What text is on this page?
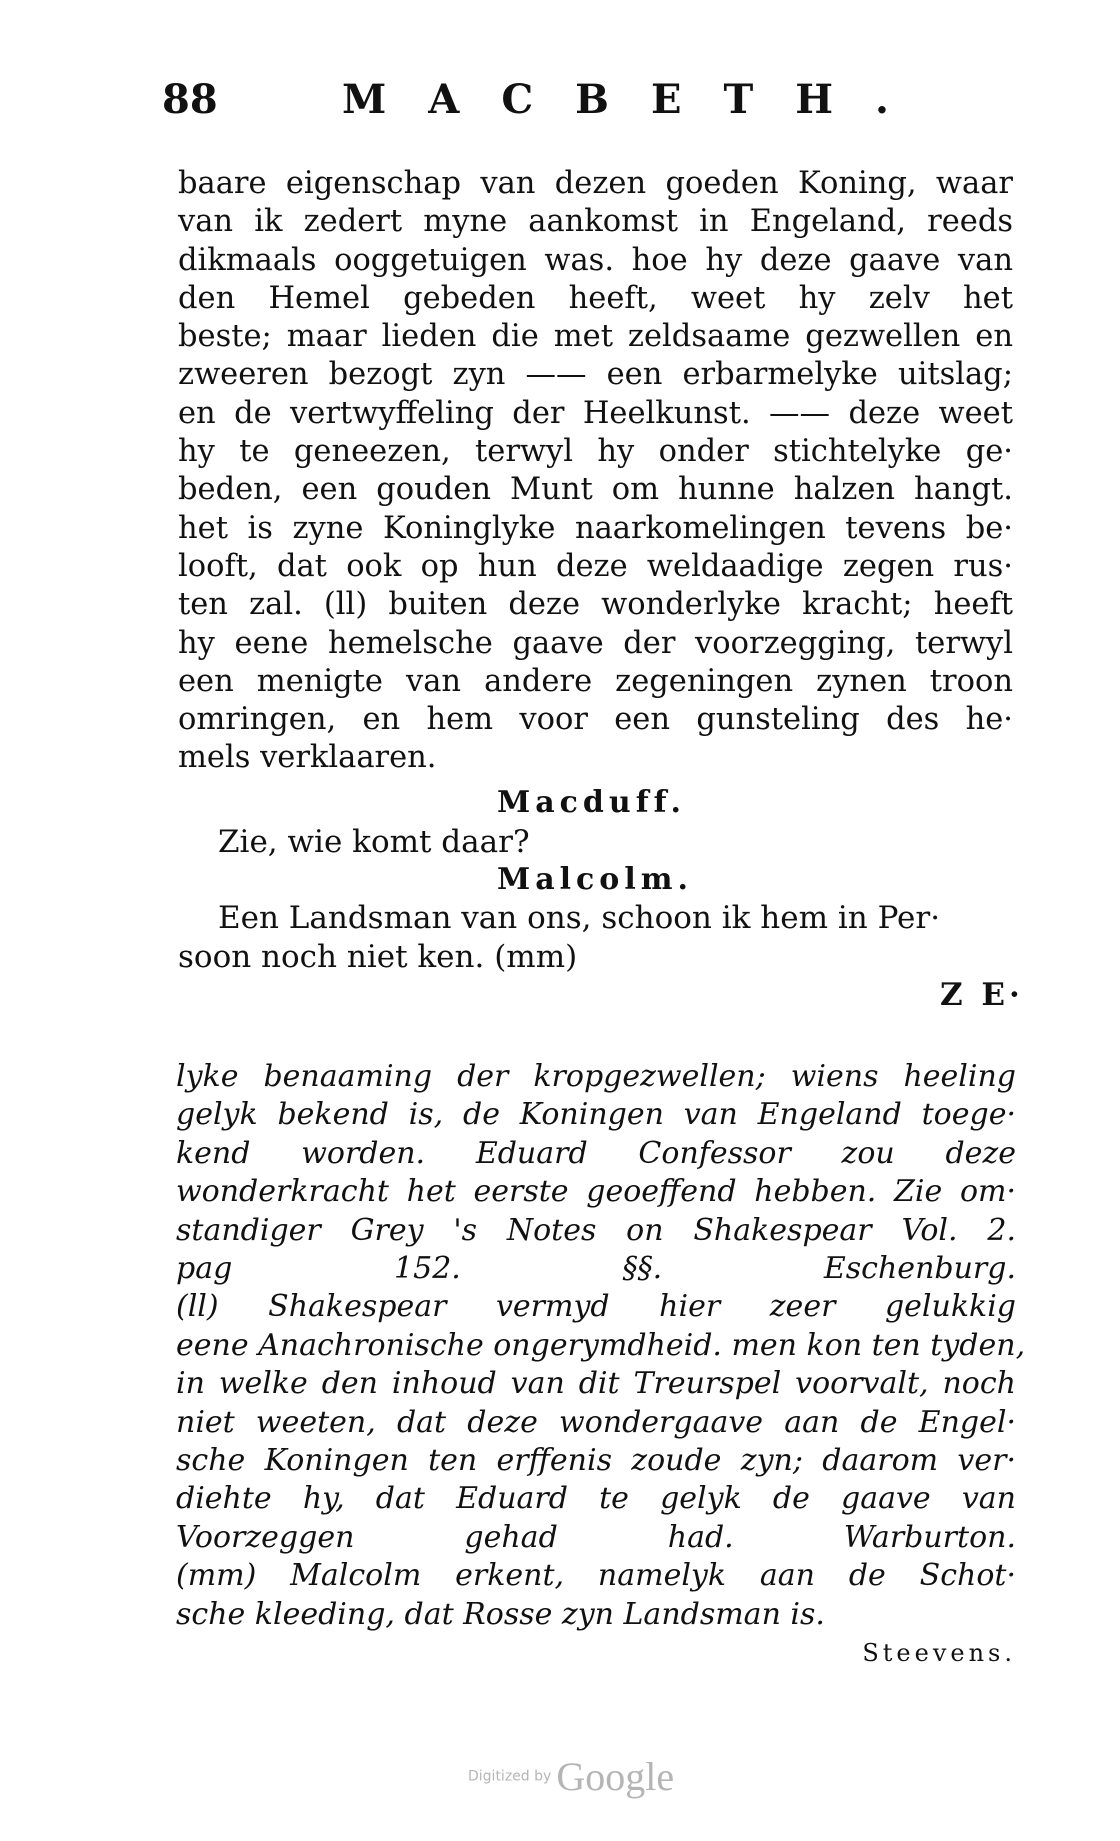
88	MACBETH.
baare eigenschap van dezen goeden Koning, waar
van ik zedert myne aankomst in Engeland, reeds
dikmaals ooggetuigen was. hoe hy deze gaave van
den Hemel gebeden heeft, weet hy zelv het
beste; maar lieden die met zeldsaame gezwellen en
zweeren bezogt zyn —— een erbarmelyke uitslag;
en de vertwyffeling der Heelkunst. —— deze weet
hy te geneezen, terwyl hy onder stichtelyke ge·
beden, een gouden Munt om hunne halzen hangt.
het is zyne Koninglyke naarkomelingen tevens be·
looft, dat ook op hun deze weldaadige zegen rus·
ten zal. (ll) buiten deze wonderlyke kracht; heeft
hy eene hemelsche gaave der voorzegging, terwyl
een menigte van andere zegeningen zynen troon
omringen, en hem voor een gunsteling des he·
mels verklaaren.
Macduff.
Zie, wie komt daar?
Malcolm.
Een Landsman van ons, schoon ik hem in Per·
soon noch niet ken. (mm)
Z E·
lyke benaaming der kropgezwellen; wiens heeling
gelyk bekend is, de Koningen van Engeland toege·
kend worden. Eduard Confessor zou deze
wonderkracht het eerste geoeffend hebben. Zie om·
standiger Grey 's Notes on Shakespear Vol. 2.
pag 152. §§. Eschenburg.
(ll) Shakespear vermyd hier zeer gelukkig
eene Anachronische ongerymdheid. men kon ten tyden,
in welke den inhoud van dit Treurspel voorvalt, noch
niet weeten, dat deze wondergaave aan de Engel·
sche Koningen ten erffenis zoude zyn; daarom ver·
diehte hy, dat Eduard te gelyk de gaave van
Voorzeggen gehad had. Warburton.
(mm) Malcolm erkent, namelyk aan de Schot·
sche kleeding, dat Rosse zyn Landsman is.
Steevens.
Digitized by Google
